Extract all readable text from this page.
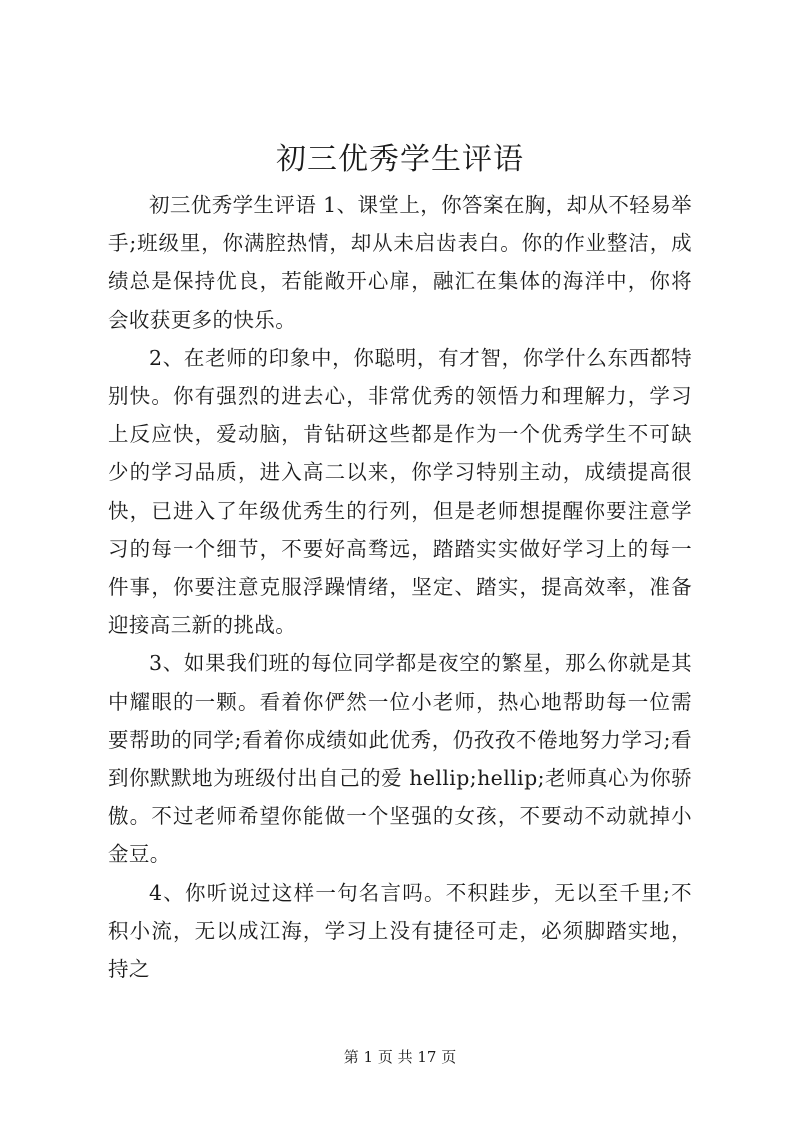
初三优秀学生评语

初三优秀学生评语 1、课堂上，你答案在胸，却从不轻易举手;班级里，你满腔热情，却从未启齿表白。你的作业整洁，成绩总是保持优良，若能敞开心扉，融汇在集体的海洋中，你将会收获更多的快乐。

2、在老师的印象中，你聪明，有才智，你学什么东西都特别快。你有强烈的进去心，非常优秀的领悟力和理解力，学习上反应快，爱动脑，肯钻研这些都是作为一个优秀学生不可缺少的学习品质，进入高二以来，你学习特别主动，成绩提高很快，已进入了年级优秀生的行列，但是老师想提醒你要注意学习的每一个细节，不要好高骛远，踏踏实实做好学习上的每一件事，你要注意克服浮躁情绪，坚定、踏实，提高效率，准备迎接高三新的挑战。

3、如果我们班的每位同学都是夜空的繁星，那么你就是其中耀眼的一颗。看着你俨然一位小老师，热心地帮助每一位需要帮助的同学;看着你成绩如此优秀，仍孜孜不倦地努力学习;看到你默默地为班级付出自己的爱 hellip;hellip;老师真心为你骄傲。不过老师希望你能做一个坚强的女孩，不要动不动就掉小金豆。

4、你听说过这样一句名言吗。不积跬步，无以至千里;不积小流，无以成江海，学习上没有捷径可走，必须脚踏实地，持之

第 1 页 共 17 页
